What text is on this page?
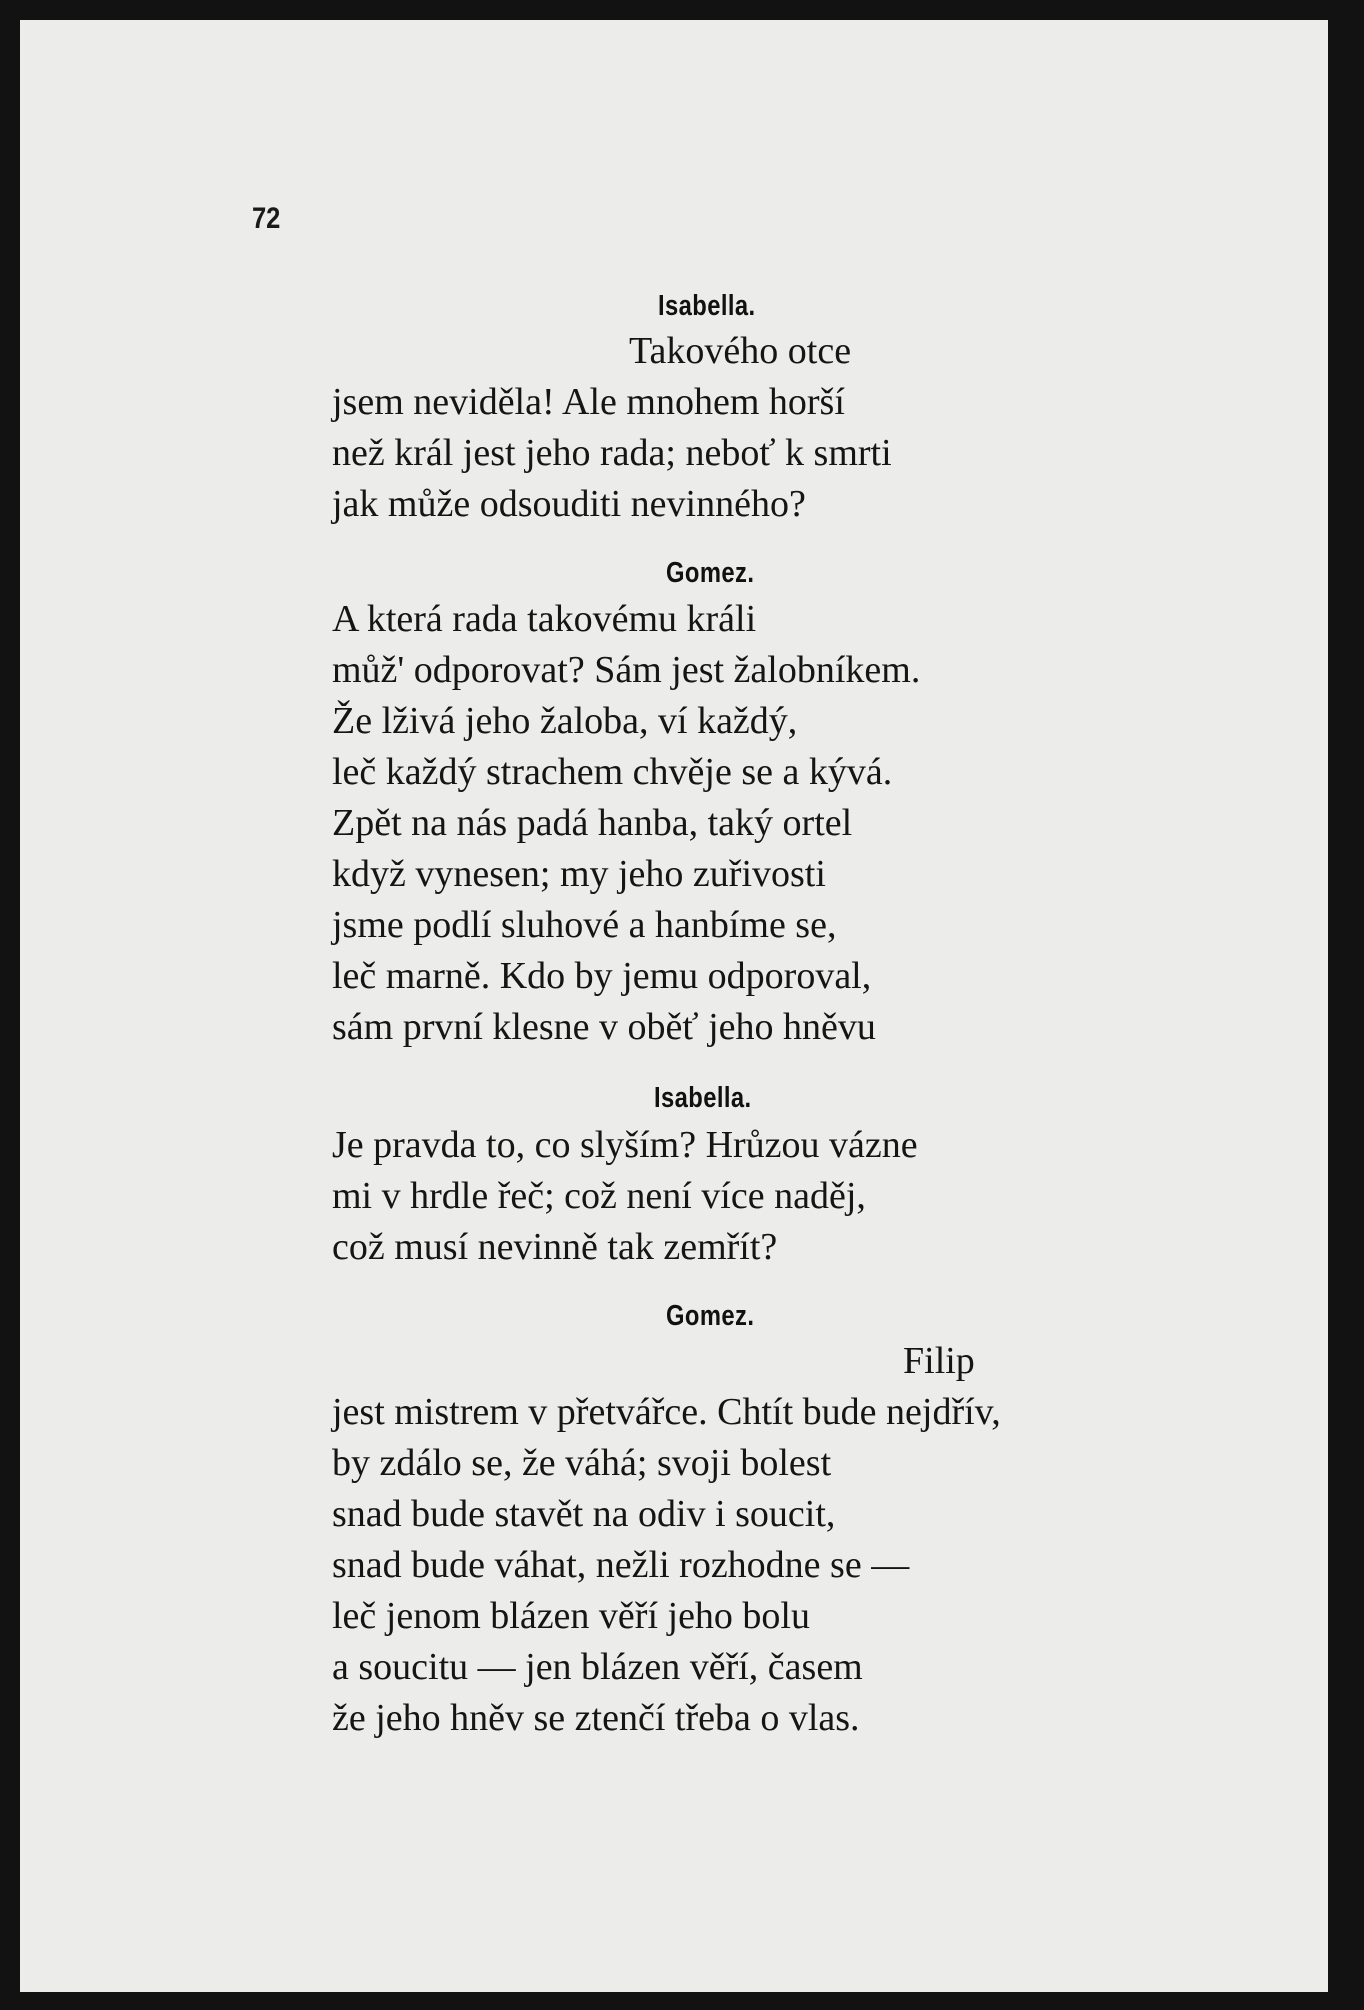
72
Isabella.
Takového otce
jsem neviděla! Ale mnohem horší
než král jest jeho rada; neboť k smrti
jak může odsouditi nevinného?
Gomez.
A která rada takovému králi
můž' odporovat? Sám jest žalobníkem.
Že lživá jeho žaloba, ví každý,
leč každý strachem chvěje se a kývá.
Zpět na nás padá hanba, taký ortel
když vynesen; my jeho zuřivosti
jsme podlí sluhové a hanbíme se,
leč marně. Kdo by jemu odporoval,
sám první klesne v oběť jeho hněvu
Isabella.
Je pravda to, co slyším? Hrůzou vázne
mi v hrdle řeč; což není více naděj,
což musí nevinně tak zemřít?
Gomez.
Filip
jest mistrem v přetvářce. Chtít bude nejdřív,
by zdálo se, že váhá; svoji bolest
snad bude stavět na odiv i soucit,
snad bude váhat, nežli rozhodne se —
leč jenom blázen věří jeho bolu
a soucitu — jen blázen věří, časem
že jeho hněv se ztenčí třeba o vlas.
